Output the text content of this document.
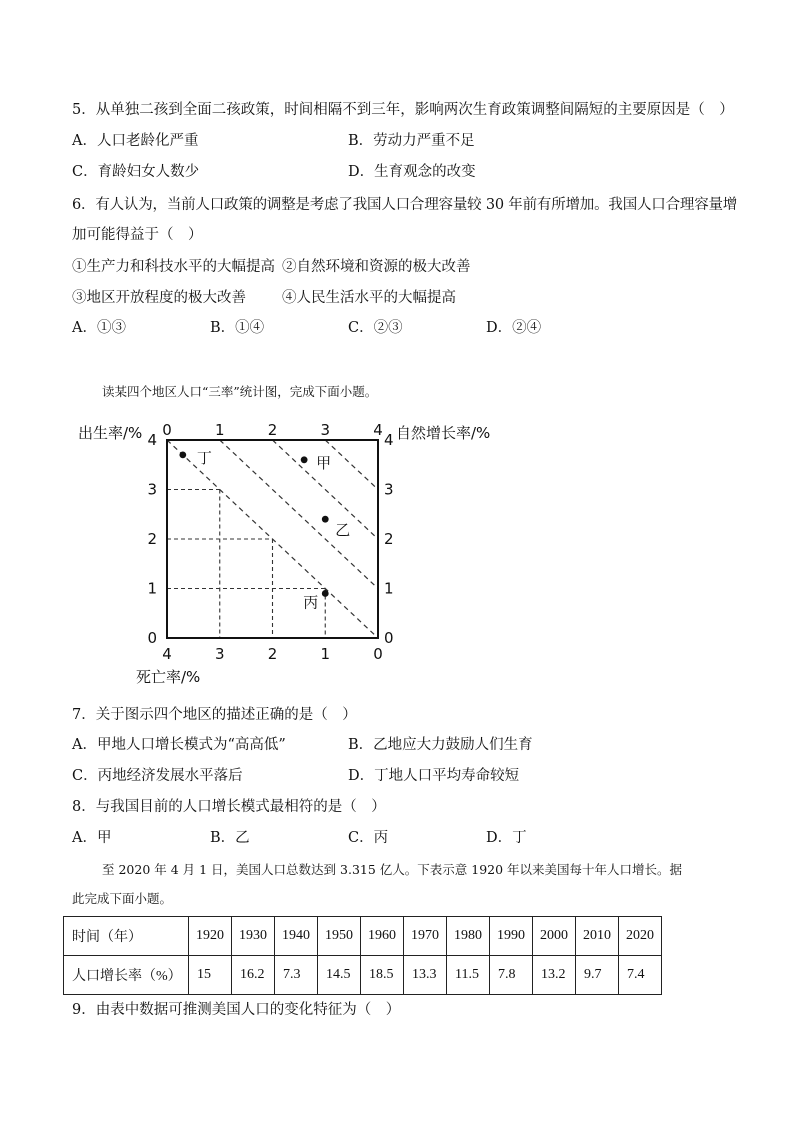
5．从单独二孩到全面二孩政策，时间相隔不到三年，影响两次生育政策调整间隔短的主要原因是（　）
A．人口老龄化严重	B．劳动力严重不足
C．育龄妇女人数少	D．生育观念的改变
6．有人认为，当前人口政策的调整是考虑了我国人口合理容量较 30 年前有所增加。我国人口合理容量增
加可能得益于（　）
①生产力和科技水平的大幅提高 ②自然环境和资源的极大改善
③地区开放程度的极大改善 ④人民生活水平的大幅提高
A．①③	B．①④	C．②③	D．②④
读某四个地区人口“三率”统计图，完成下面小题。
出生率/%	自然增长率/%
死亡率/%
0
1
2
3
4
0	1	2	3	4
0
1
2
3
4
4	3	2	1	0
丁	甲
乙
丙
7．关于图示四个地区的描述正确的是（　）
A．甲地人口增长模式为“高高低”	B．乙地应大力鼓励人们生育
C．丙地经济发展水平落后	D．丁地人口平均寿命较短
8．与我国目前的人口增长模式最相符的是（　）
A．甲	B．乙	C．丙	D．丁
至 2020 年 4 月 1 日，美国人口总数达到 3.315 亿人。下表示意 1920 年以来美国每十年人口增长。据
此完成下面小题。
时间（年）	1920	1930	1940	1950	1960	1970	1980	1990	2000	2010	2020
人口增长率（%）	15	16.2	7.3	14.5	18.5	13.3	11.5	7.8	13.2	9.7	7.4
9．由表中数据可推测美国人口的变化特征为（　）
